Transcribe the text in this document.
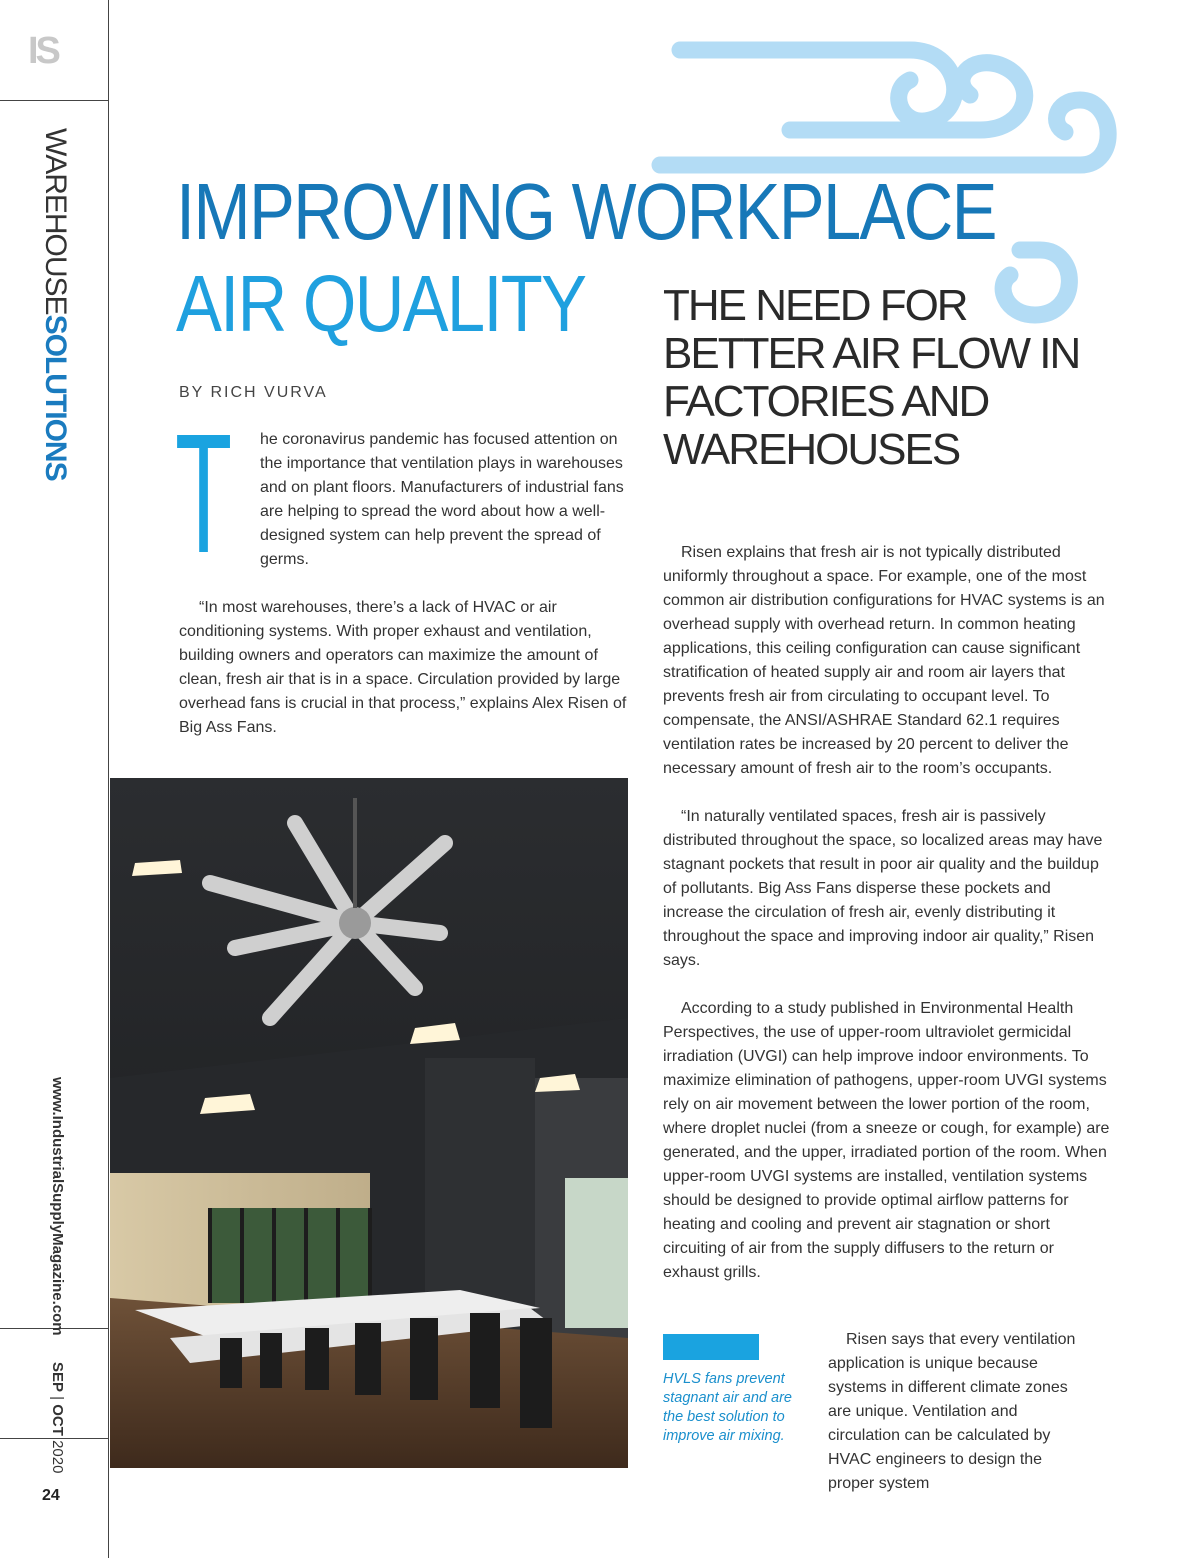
IS
WAREHOUSESOLUTIONS
www.IndustrialSupplyMagazine.com
SEP | OCT 2020
24
IMPROVING WORKPLACE
AIR QUALITY	THE NEED FOR BETTER AIR FLOW IN FACTORIES AND WAREHOUSES
BY RICH VURVA
T he coronavirus pandemic has focused attention on the importance that ventilation plays in warehouses and on plant floors. Manufacturers of industrial fans are helping to spread the word about how a well-designed system can help prevent the spread of germs.

“In most warehouses, there’s a lack of HVAC or air conditioning systems. With proper exhaust and ventilation, building owners and operators can maximize the amount of clean, fresh air that is in a space. Circulation provided by large overhead fans is crucial in that process,” explains Alex Risen of Big Ass Fans.

Risen explains that fresh air is not typically distributed uniformly throughout a space. For example, one of the most common air distribution configurations for HVAC systems is an overhead supply with overhead return. In common heating applications, this ceiling configuration can cause significant stratification of heated supply air and room air layers that prevents fresh air from circulating to occupant level. To compensate, the ANSI/ASHRAE Standard 62.1 requires ventilation rates be increased by 20 percent to deliver the necessary amount of fresh air to the room’s occupants.

“In naturally ventilated spaces, fresh air is passively distributed throughout the space, so localized areas may have stagnant pockets that result in poor air quality and the buildup of pollutants. Big Ass Fans disperse these pockets and increase the circulation of fresh air, evenly distributing it throughout the space and improving indoor air quality,” Risen says.

According to a study published in Environmental Health Perspectives, the use of upper-room ultraviolet germicidal irradiation (UVGI) can help improve indoor environments. To maximize elimination of pathogens, upper-room UVGI systems rely on air movement between the lower portion of the room, where droplet nuclei (from a sneeze or cough, for example) are generated, and the upper, irradiated portion of the room. When upper-room UVGI systems are installed, ventilation systems should be designed to provide optimal airflow patterns for heating and cooling and prevent air stagnation or short circuiting of air from the supply diffusers to the return or exhaust grills.

HVLS fans prevent stagnant air and are the best solution to improve air mixing.

Risen says that every ventilation application is unique because systems in different climate zones are unique. Ventilation and circulation can be calculated by HVAC engineers to design the proper system
